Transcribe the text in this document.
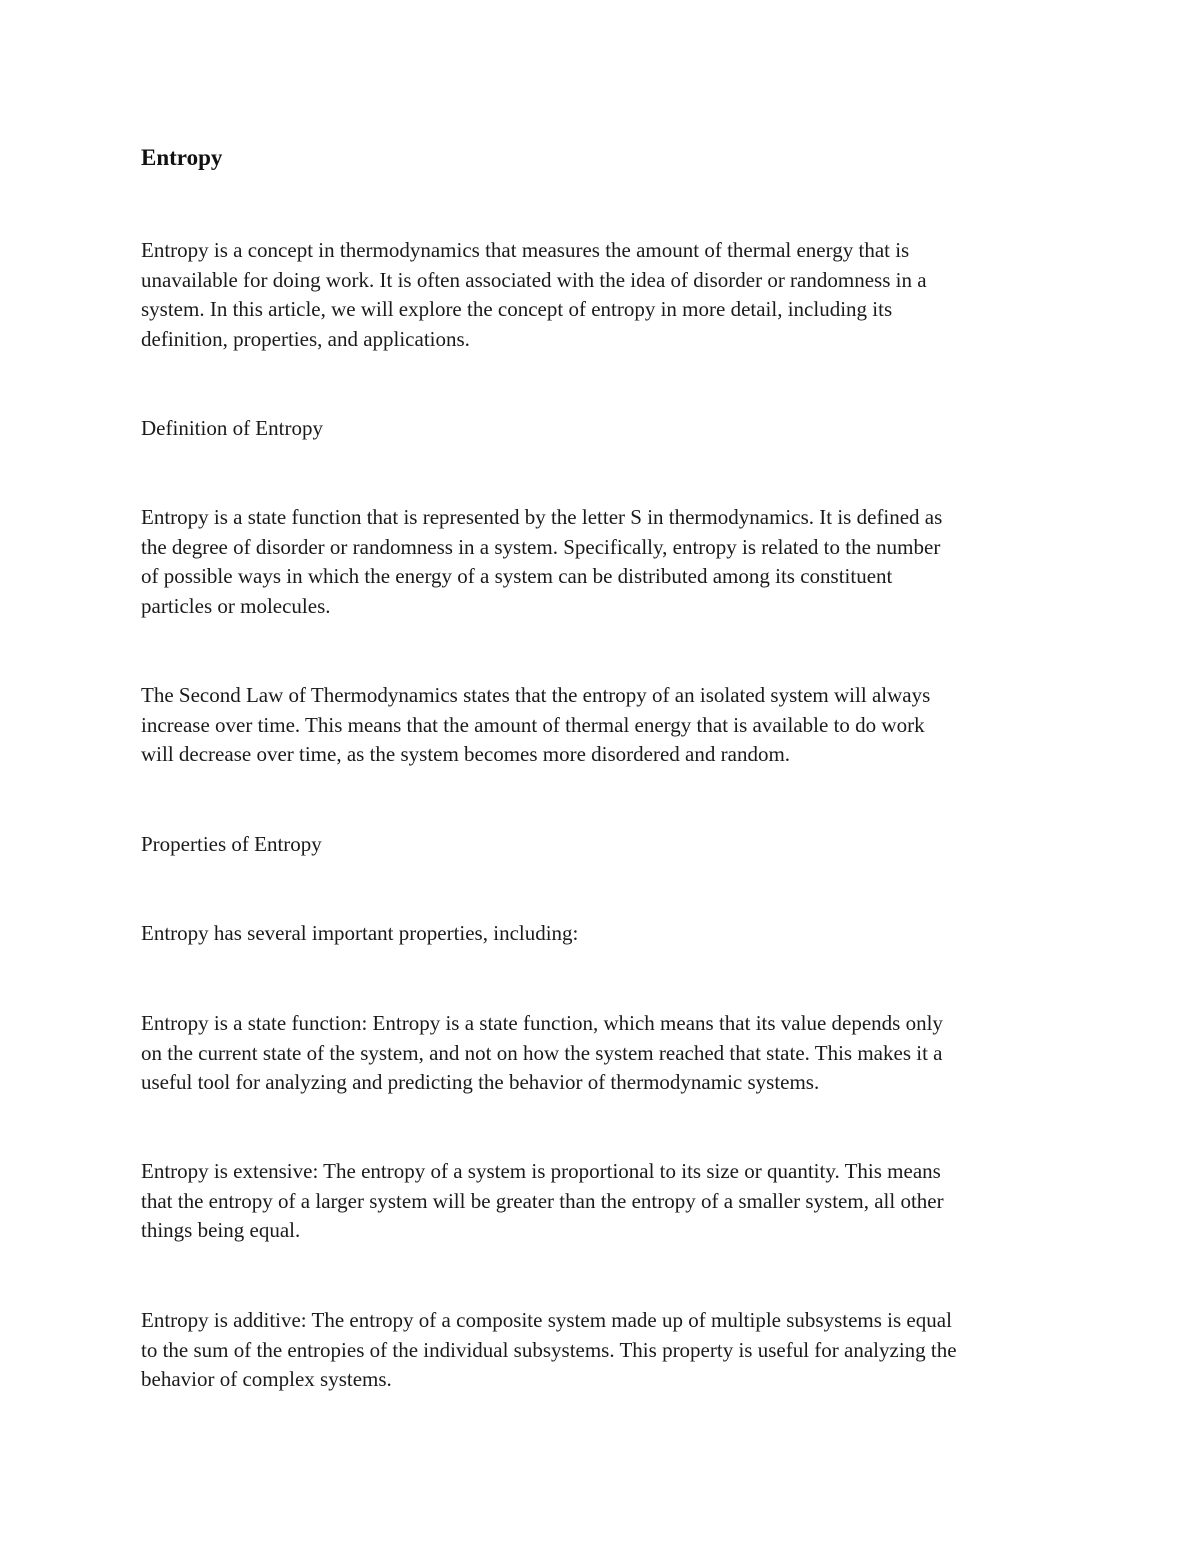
Entropy

Entropy is a concept in thermodynamics that measures the amount of thermal energy that is
unavailable for doing work. It is often associated with the idea of disorder or randomness in a
system. In this article, we will explore the concept of entropy in more detail, including its
definition, properties, and applications.

Definition of Entropy

Entropy is a state function that is represented by the letter S in thermodynamics. It is defined as
the degree of disorder or randomness in a system. Specifically, entropy is related to the number
of possible ways in which the energy of a system can be distributed among its constituent
particles or molecules.

The Second Law of Thermodynamics states that the entropy of an isolated system will always
increase over time. This means that the amount of thermal energy that is available to do work
will decrease over time, as the system becomes more disordered and random.

Properties of Entropy

Entropy has several important properties, including:

Entropy is a state function: Entropy is a state function, which means that its value depends only
on the current state of the system, and not on how the system reached that state. This makes it a
useful tool for analyzing and predicting the behavior of thermodynamic systems.

Entropy is extensive: The entropy of a system is proportional to its size or quantity. This means
that the entropy of a larger system will be greater than the entropy of a smaller system, all other
things being equal.

Entropy is additive: The entropy of a composite system made up of multiple subsystems is equal
to the sum of the entropies of the individual subsystems. This property is useful for analyzing the
behavior of complex systems.
